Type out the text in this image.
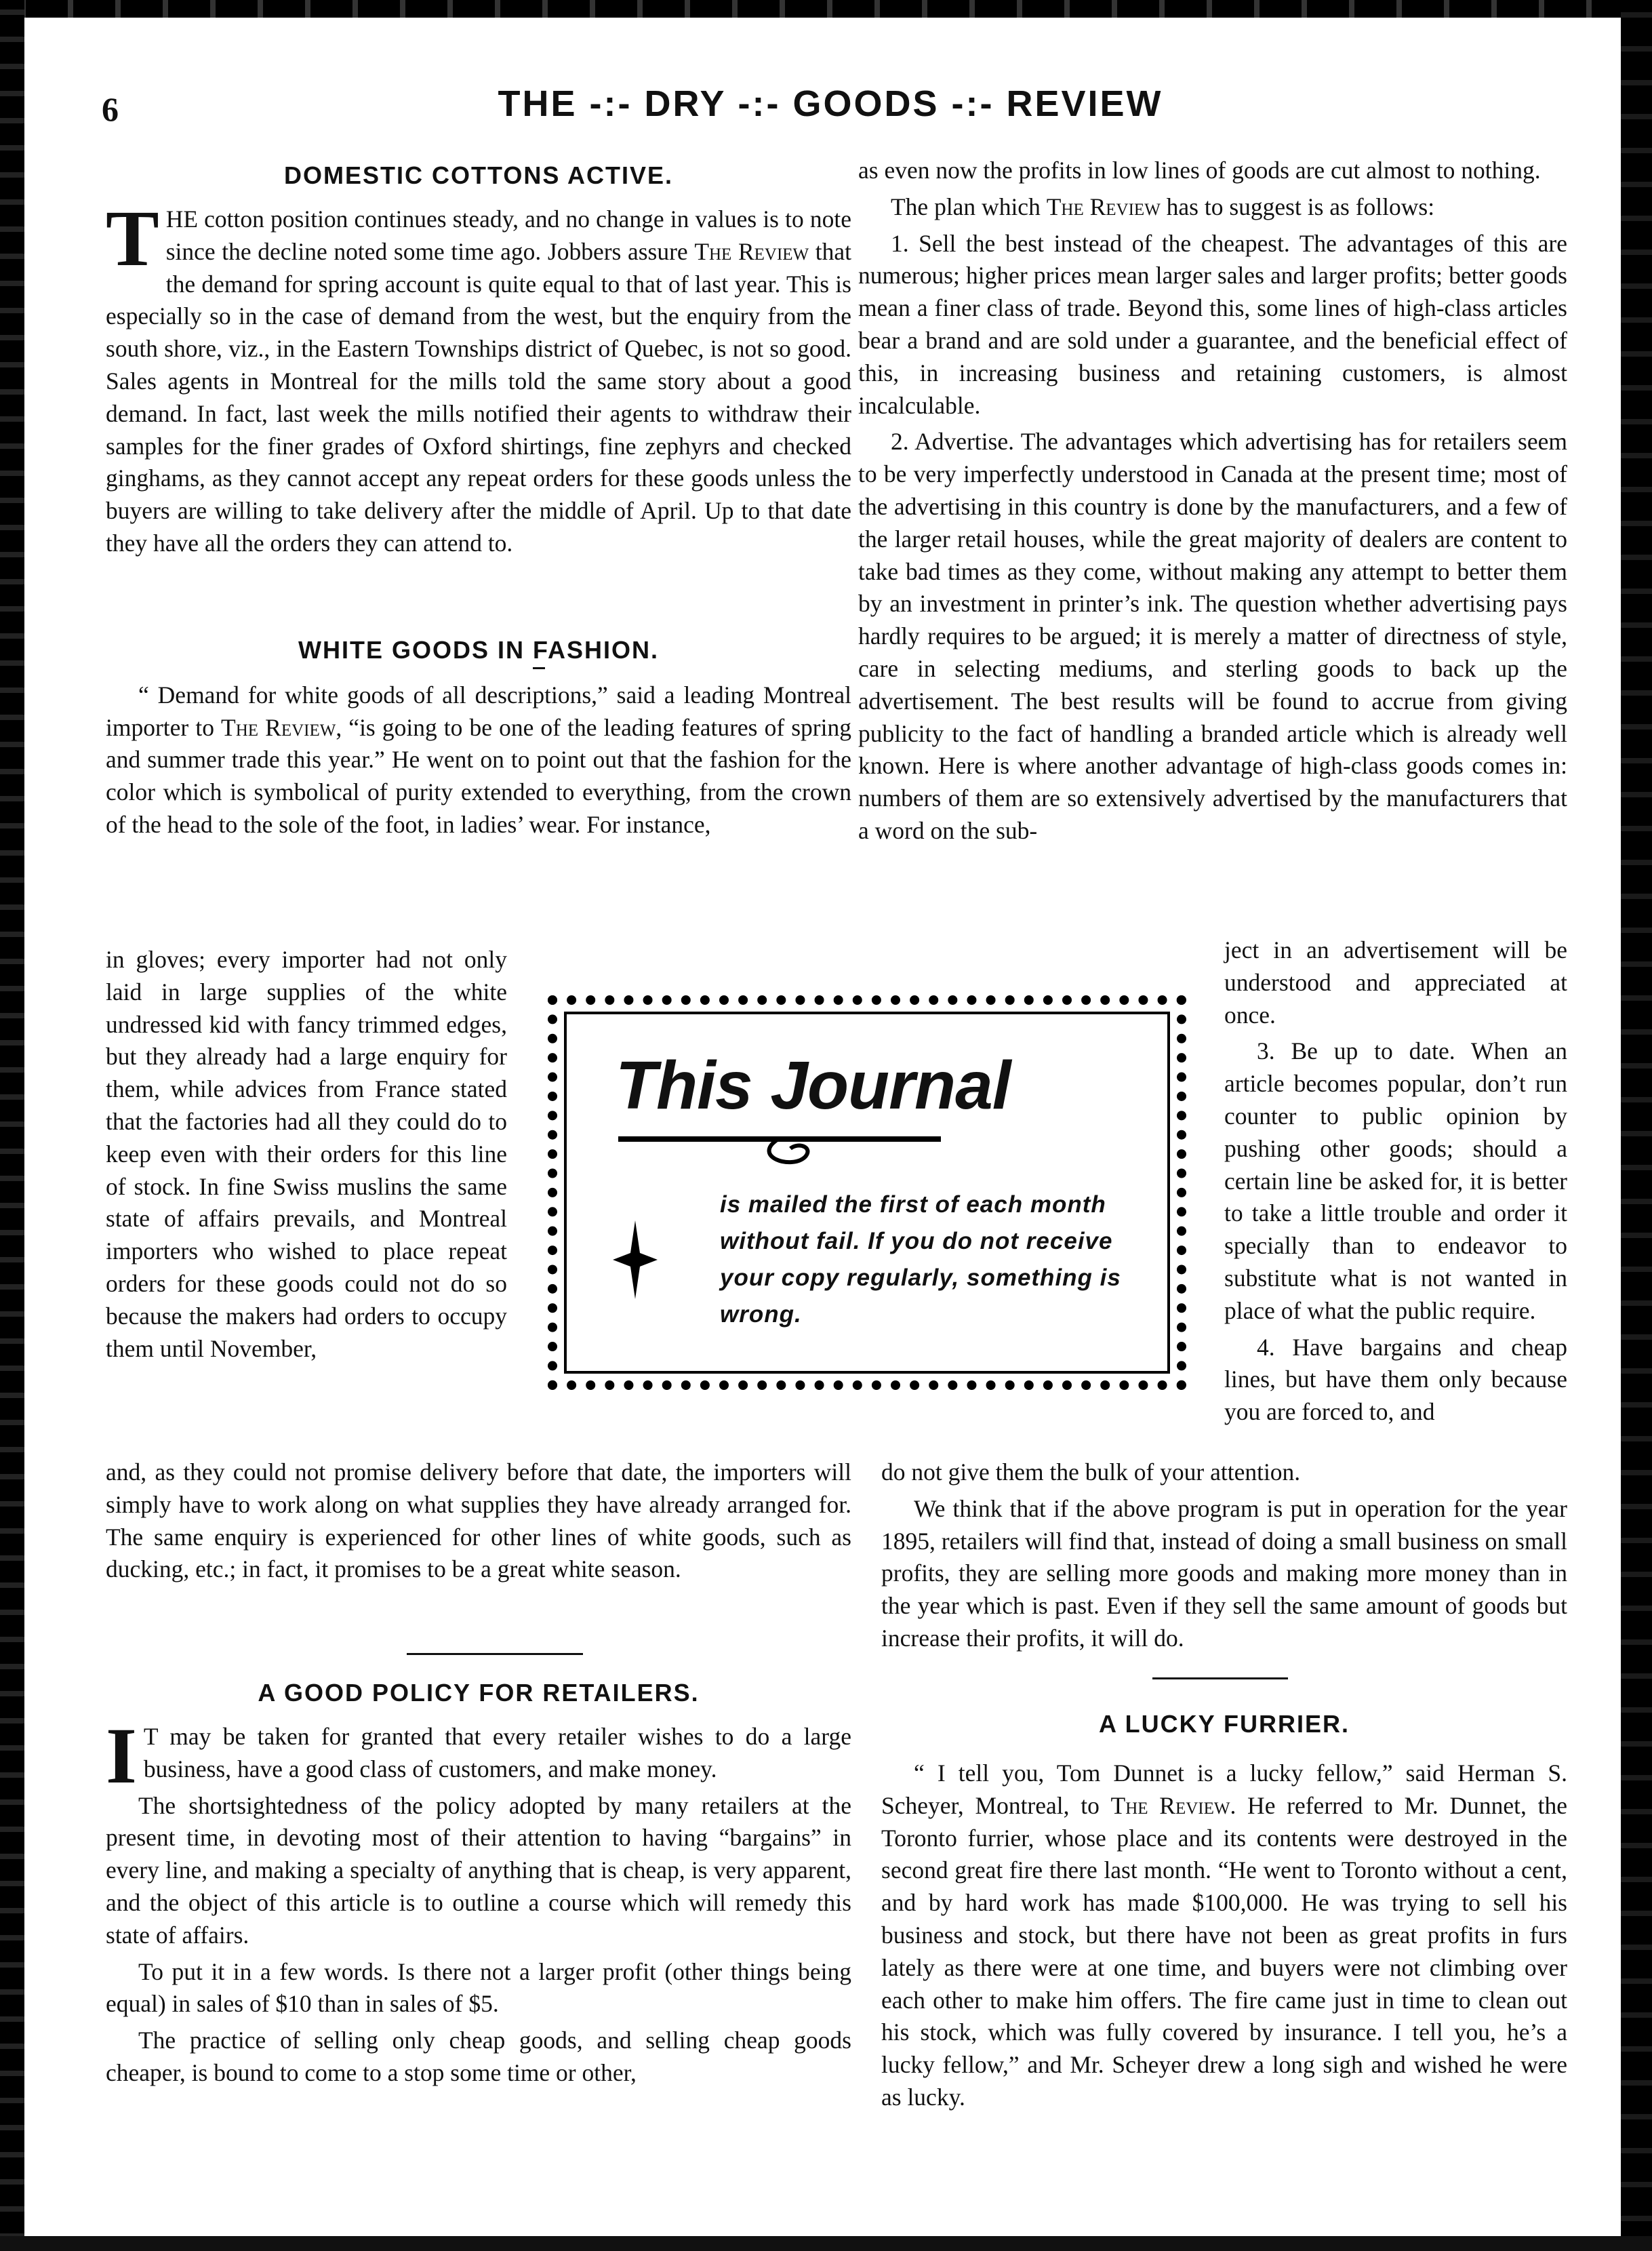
6	THE -:- DRY -:- GOODS -:- REVIEW
DOMESTIC COTTONS ACTIVE.

THE cotton position continues steady, and no change in values is to note since the decline noted some time ago. Jobbers assure The Review that the demand for spring account is quite equal to that of last year. This is especially so in the case of demand from the west, but the enquiry from the south shore, viz., in the Eastern Townships district of Quebec, is not so good. Sales agents in Montreal for the mills told the same story about a good demand. In fact, last week the mills notified their agents to withdraw their samples for the finer grades of Oxford shirtings, fine zephyrs and checked ginghams, as they cannot accept any repeat orders for these goods unless the buyers are willing to take delivery after the middle of April. Up to that date they have all the orders they can attend to.

WHITE GOODS IN FASHION.

“ Demand for white goods of all descriptions,” said a leading Montreal importer to The Review, “is going to be one of the leading features of spring and summer trade this year.” He went on to point out that the fashion for the color which is symbolical of purity extended to everything, from the crown of the head to the sole of the foot, in ladies’ wear. For instance,

in gloves; every importer had not only laid in large supplies of the white undressed kid with fancy trimmed edges, but they already had a large enquiry for them, while advices from France stated that the factories had all they could do to keep even with their orders for this line of stock. In fine Swiss muslins the same state of affairs prevails, and Montreal importers who wished to place repeat orders for these goods could not do so because the makers had orders to occupy them until November,

and, as they could not promise delivery before that date, the importers will simply have to work along on what supplies they have already arranged for. The same enquiry is experienced for other lines of white goods, such as ducking, etc.; in fact, it promises to be a great white season.

A GOOD POLICY FOR RETAILERS.

I T may be taken for granted that every retailer wishes to do a large business, have a good class of customers, and make money.

The shortsightedness of the policy adopted by many retailers at the present time, in devoting most of their attention to having “bargains” in every line, and making a specialty of anything that is cheap, is very apparent, and the object of this article is to outline a course which will remedy this state of affairs.

To put it in a few words. Is there not a larger profit (other things being equal) in sales of $10 than in sales of $5.

The practice of selling only cheap goods, and selling cheap goods cheaper, is bound to come to a stop some time or other,

as even now the profits in low lines of goods are cut almost to nothing.

The plan which The Review has to suggest is as follows:

1. Sell the best instead of the cheapest. The advantages of this are numerous; higher prices mean larger sales and larger profits; better goods mean a finer class of trade. Beyond this, some lines of high-class articles bear a brand and are sold under a guarantee, and the beneficial effect of this, in increasing business and retaining customers, is almost incalculable.

2. Advertise. The advantages which advertising has for retailers seem to be very imperfectly understood in Canada at the present time; most of the advertising in this country is done by the manufacturers, and a few of the larger retail houses, while the great majority of dealers are content to take bad times as they come, without making any attempt to better them by an investment in printer’s ink. The question whether advertising pays hardly requires to be argued; it is merely a matter of directness of style, care in selecting mediums, and sterling goods to back up the advertisement. The best results will be found to accrue from giving publicity to the fact of handling a branded article which is already well known. Here is where another advantage of high-class goods comes in: numbers of them are so extensively advertised by the manufacturers that a word on the sub-

ject in an advertisement will be understood and appreciated at once.

3. Be up to date. When an article becomes popular, don’t run counter to public opinion by pushing other goods; should a certain line be asked for, it is better to take a little trouble and order it specially than to endeavor to substitute what is not wanted in place of what the public require.

4. Have bargains and cheap lines, but have them only because you are forced to, and

do not give them the bulk of your attention.

We think that if the above program is put in operation for the year 1895, retailers will find that, instead of doing a small business on small profits, they are selling more goods and making more money than in the year which is past. Even if they sell the same amount of goods but increase their profits, it will do.

A LUCKY FURRIER.

“ I tell you, Tom Dunnet is a lucky fellow,” said Herman S. Scheyer, Montreal, to The Review. He referred to Mr. Dunnet, the Toronto furrier, whose place and its contents were destroyed in the second great fire there last month. “He went to Toronto without a cent, and by hard work has made $100,000. He was trying to sell his business and stock, but there have not been as great profits in furs lately as there were at one time, and buyers were not climbing over each other to make him offers. The fire came just in time to clean out his stock, which was fully covered by insurance. I tell you, he’s a lucky fellow,” and Mr. Scheyer drew a long sigh and wished he were as lucky.

This Journal
is mailed the first of each month without fail. If you do not receive your copy regularly, something is wrong.
